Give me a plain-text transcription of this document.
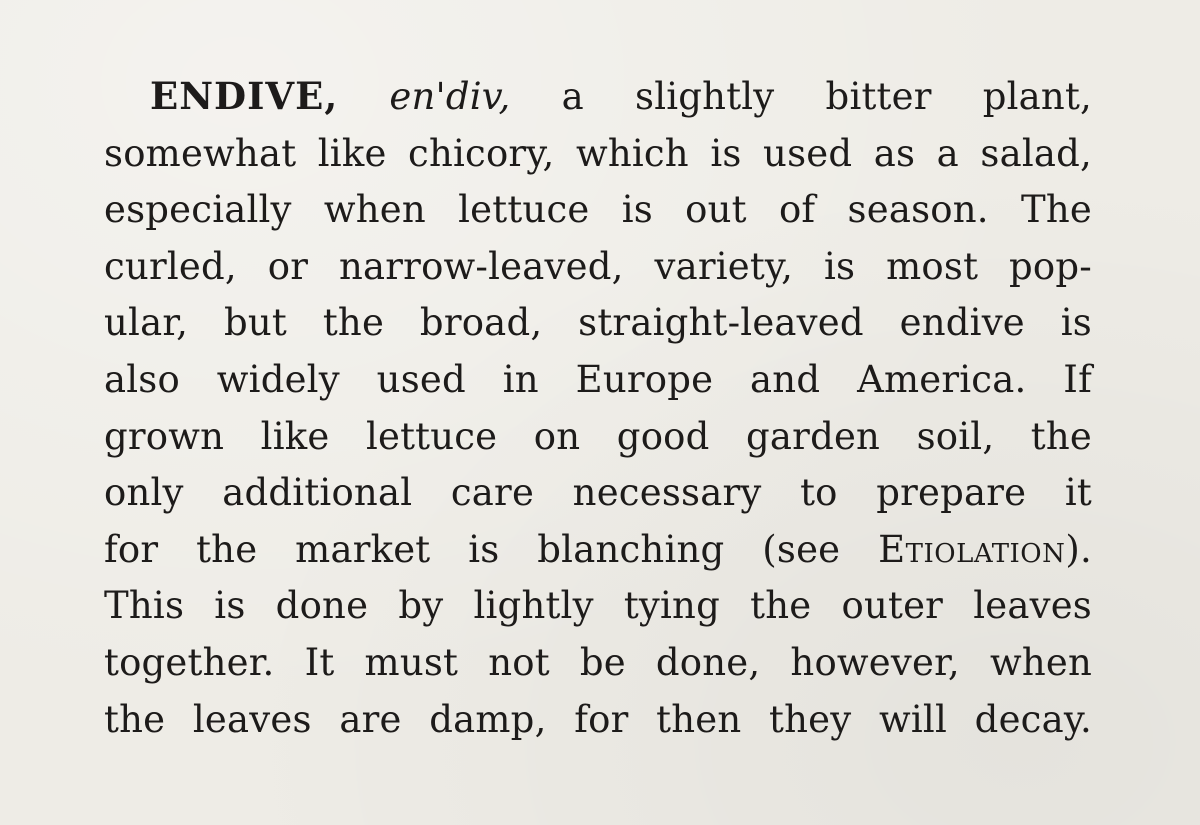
ENDIVE, en'div, a slightly bitter plant,
somewhat like chicory, which is used as a salad,
especially when lettuce is out of season. The
curled, or narrow-leaved, variety, is most pop-
ular, but the broad, straight-leaved endive is
also widely used in Europe and America. If
grown like lettuce on good garden soil, the
only additional care necessary to prepare it
for the market is blanching (see Etiolation).
This is done by lightly tying the outer leaves
together. It must not be done, however, when
the leaves are damp, for then they will decay.
